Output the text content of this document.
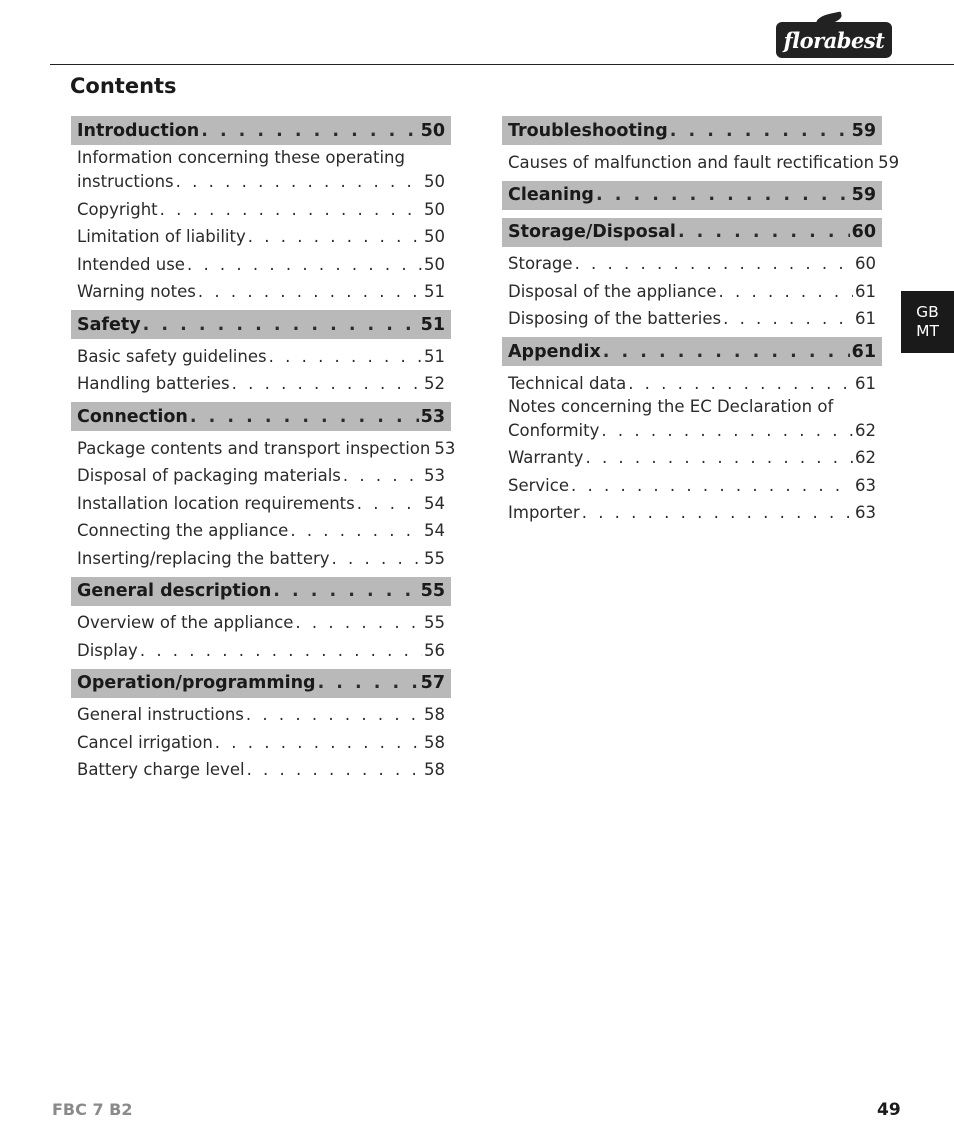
florabest
Contents
Introduction . . .	50
Information concerning these operating
instructions . . .	50
Copyright . . .	50
Limitation of liability . . .	50
Intended use . . .	50
Warning notes . . .	51
Safety . . .	51
Basic safety guidelines . . .	51
Handling batteries . . .	52
Connection . . .	53
Package contents and transport inspection 53
Disposal of packaging materials . . .	53
Installation location requirements . . .	54
Connecting the appliance . . .	54
Inserting/replacing the battery . . .	55
General description . . .	55
Overview of the appliance . . .	55
Display . . .	56
Operation/programming . . .	57
General instructions . . .	58
Cancel irrigation . . .	58
Battery charge level . . .	58
Troubleshooting . . .	59
Causes of malfunction and fault rectification 59
Cleaning . . .	59
Storage/Disposal . . .	60
Storage . . .	60
Disposal of the appliance . . .	61
Disposing of the batteries . . .	61
Appendix . . .	61
Technical data . . .	61
Notes concerning the EC Declaration of
Conformity . . .	62
Warranty . . .	62
Service . . .	63
Importer . . .	63
GB
MT
FBC 7 B2	49
